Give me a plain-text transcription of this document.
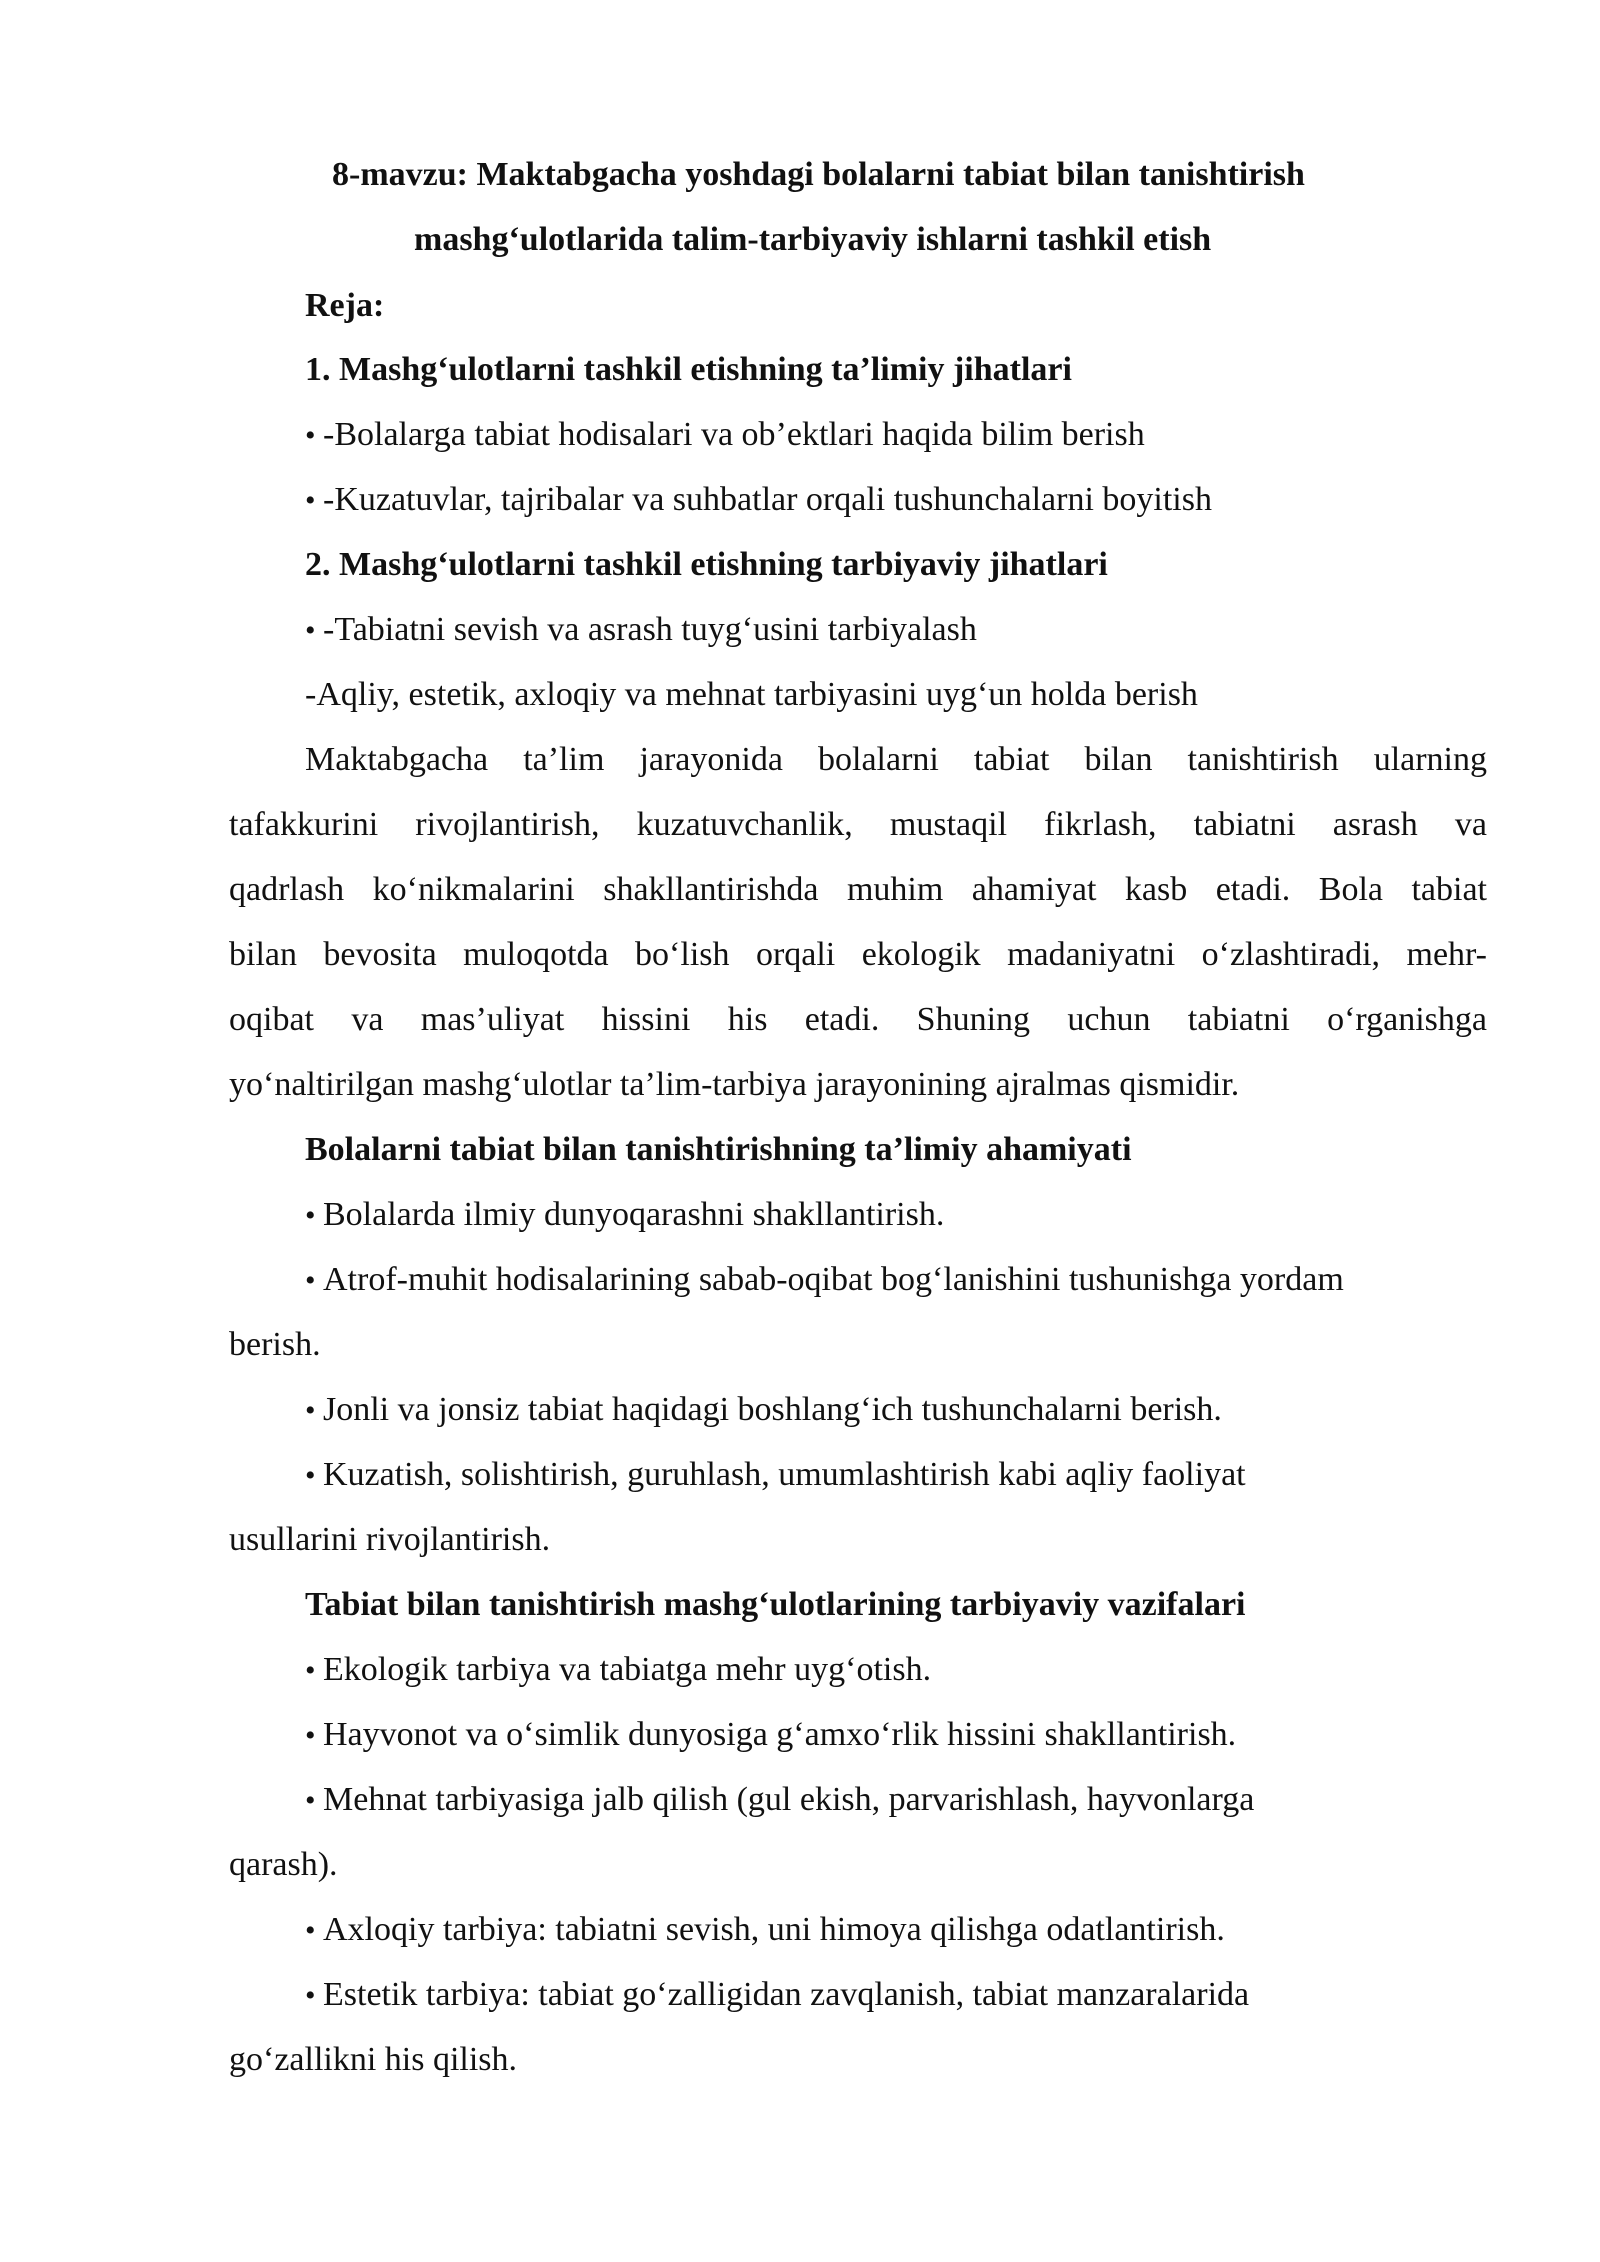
8-mavzu: Maktabgacha yoshdagi bolalarni tabiat bilan tanishtirish
mashg‘ulotlarida talim-tarbiyaviy ishlarni tashkil etish
Reja:
1. Mashg‘ulotlarni tashkil etishning ta’limiy jihatlari
• -Bolalarga tabiat hodisalari va ob’ektlari haqida bilim berish
• -Kuzatuvlar, tajribalar va suhbatlar orqali tushunchalarni boyitish
2. Mashg‘ulotlarni tashkil etishning tarbiyaviy jihatlari
• -Tabiatni sevish va asrash tuyg‘usini tarbiyalash
-Aqliy, estetik, axloqiy va mehnat tarbiyasini uyg‘un holda berish
Maktabgacha ta’lim jarayonida bolalarni tabiat bilan tanishtirish ularning
tafakkurini rivojlantirish, kuzatuvchanlik, mustaqil fikrlash, tabiatni asrash va
qadrlash ko‘nikmalarini shakllantirishda muhim ahamiyat kasb etadi. Bola tabiat
bilan bevosita muloqotda bo‘lish orqali ekologik madaniyatni o‘zlashtiradi, mehr-
oqibat va mas’uliyat hissini his etadi. Shuning uchun tabiatni o‘rganishga
yo‘naltirilgan mashg‘ulotlar ta’lim-tarbiya jarayonining ajralmas qismidir.
Bolalarni tabiat bilan tanishtirishning ta’limiy ahamiyati
• Bolalarda ilmiy dunyoqarashni shakllantirish.
• Atrof-muhit hodisalarining sabab-oqibat bog‘lanishini tushunishga yordam
berish.
• Jonli va jonsiz tabiat haqidagi boshlang‘ich tushunchalarni berish.
• Kuzatish, solishtirish, guruhlash, umumlashtirish kabi aqliy faoliyat
usullarini rivojlantirish.
Tabiat bilan tanishtirish mashg‘ulotlarining tarbiyaviy vazifalari
• Ekologik tarbiya va tabiatga mehr uyg‘otish.
• Hayvonot va o‘simlik dunyosiga g‘amxo‘rlik hissini shakllantirish.
• Mehnat tarbiyasiga jalb qilish (gul ekish, parvarishlash, hayvonlarga
qarash).
• Axloqiy tarbiya: tabiatni sevish, uni himoya qilishga odatlantirish.
• Estetik tarbiya: tabiat go‘zalligidan zavqlanish, tabiat manzaralarida
go‘zallikni his qilish.
